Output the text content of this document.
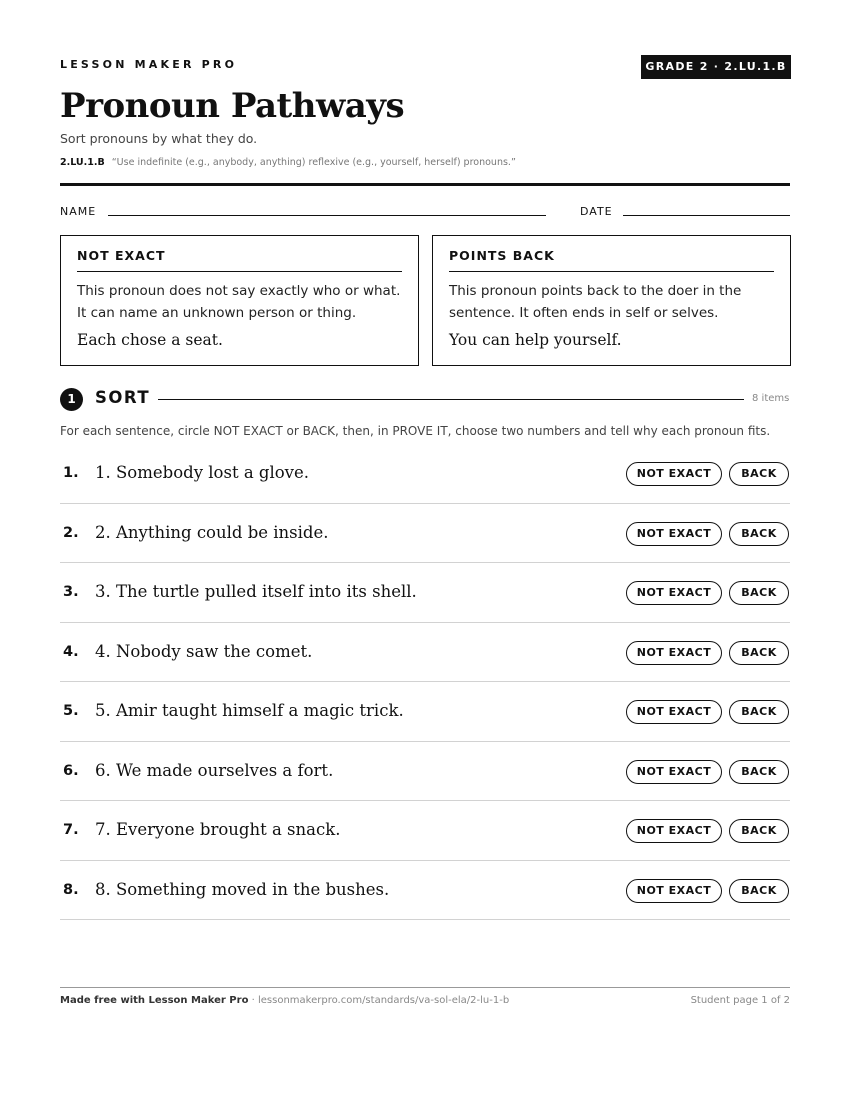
LESSON MAKER PRO	GRADE 2 · 2.LU.1.B
Pronoun Pathways
Sort pronouns by what they do.
2.LU.1.B “Use indefinite (e.g., anybody, anything) reflexive (e.g., yourself, herself) pronouns.”
NAME	DATE
NOT EXACT
This pronoun does not say exactly who or what. It can name an unknown person or thing.
Each chose a seat.
POINTS BACK
This pronoun points back to the doer in the sentence. It often ends in self or selves.
You can help yourself.
1	SORT	8 items
For each sentence, circle NOT EXACT or BACK, then, in PROVE IT, choose two numbers and tell why each pronoun fits.
1. 1. Somebody lost a glove.	NOT EXACT	BACK
2. 2. Anything could be inside.	NOT EXACT	BACK
3. 3. The turtle pulled itself into its shell.	NOT EXACT	BACK
4. 4. Nobody saw the comet.	NOT EXACT	BACK
5. 5. Amir taught himself a magic trick.	NOT EXACT	BACK
6. 6. We made ourselves a fort.	NOT EXACT	BACK
7. 7. Everyone brought a snack.	NOT EXACT	BACK
8. 8. Something moved in the bushes.	NOT EXACT	BACK
Made free with Lesson Maker Pro · lessonmakerpro.com/standards/va-sol-ela/2-lu-1-b	Student page 1 of 2
